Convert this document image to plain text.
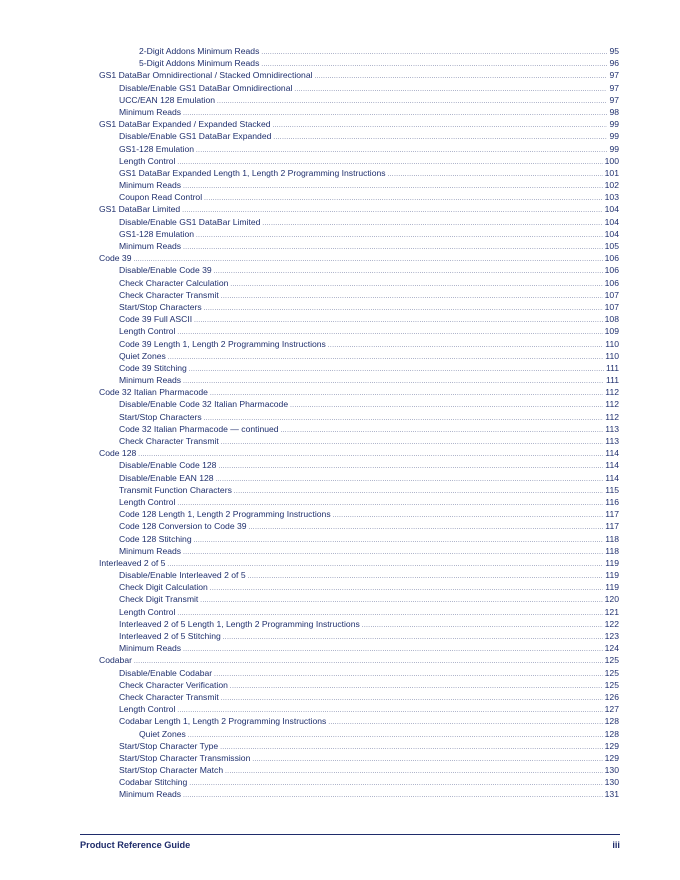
2-Digit Addons Minimum Reads .....	95
5-Digit Addons Minimum Reads .....	96
GS1 DataBar Omnidirectional / Stacked Omnidirectional .....	97
Disable/Enable GS1 DataBar Omnidirectional .....	97
UCC/EAN 128 Emulation .....	97
Minimum Reads .....	98
GS1 DataBar Expanded / Expanded Stacked .....	99
Disable/Enable GS1 DataBar Expanded .....	99
GS1-128 Emulation .....	99
Length Control .....	100
GS1 DataBar Expanded Length 1, Length 2 Programming Instructions .....	101
Minimum Reads .....	102
Coupon Read Control .....	103
GS1 DataBar Limited .....	104
Disable/Enable GS1 DataBar Limited .....	104
GS1-128 Emulation .....	104
Minimum Reads .....	105
Code 39 .....	106
Disable/Enable Code 39 .....	106
Check Character Calculation .....	106
Check Character Transmit .....	107
Start/Stop Characters .....	107
Code 39 Full ASCII .....	108
Length Control .....	109
Code 39 Length 1, Length 2 Programming Instructions .....	110
Quiet Zones .....	110
Code 39 Stitching .....	111
Minimum Reads .....	111
Code 32 Italian Pharmacode .....	112
Disable/Enable Code 32 Italian Pharmacode .....	112
Start/Stop Characters .....	112
Code 32 Italian Pharmacode — continued .....	113
Check Character Transmit .....	113
Code 128 .....	114
Disable/Enable Code 128 .....	114
Disable/Enable EAN 128 .....	114
Transmit Function Characters .....	115
Length Control .....	116
Code 128 Length 1, Length 2 Programming Instructions .....	117
Code 128 Conversion to Code 39 .....	117
Code 128 Stitching .....	118
Minimum Reads .....	118
Interleaved 2 of 5 .....	119
Disable/Enable Interleaved 2 of 5 .....	119
Check Digit Calculation .....	119
Check Digit Transmit .....	120
Length Control .....	121
Interleaved 2 of 5 Length 1, Length 2 Programming Instructions .....	122
Interleaved 2 of 5 Stitching .....	123
Minimum Reads .....	124
Codabar .....	125
Disable/Enable Codabar .....	125
Check Character Verification .....	125
Check Character Transmit .....	126
Length Control .....	127
Codabar Length 1, Length 2 Programming Instructions .....	128
Quiet Zones .....	128
Start/Stop Character Type .....	129
Start/Stop Character Transmission .....	129
Start/Stop Character Match .....	130
Codabar Stitching .....	130
Minimum Reads .....	131
Product Reference Guide	iii
